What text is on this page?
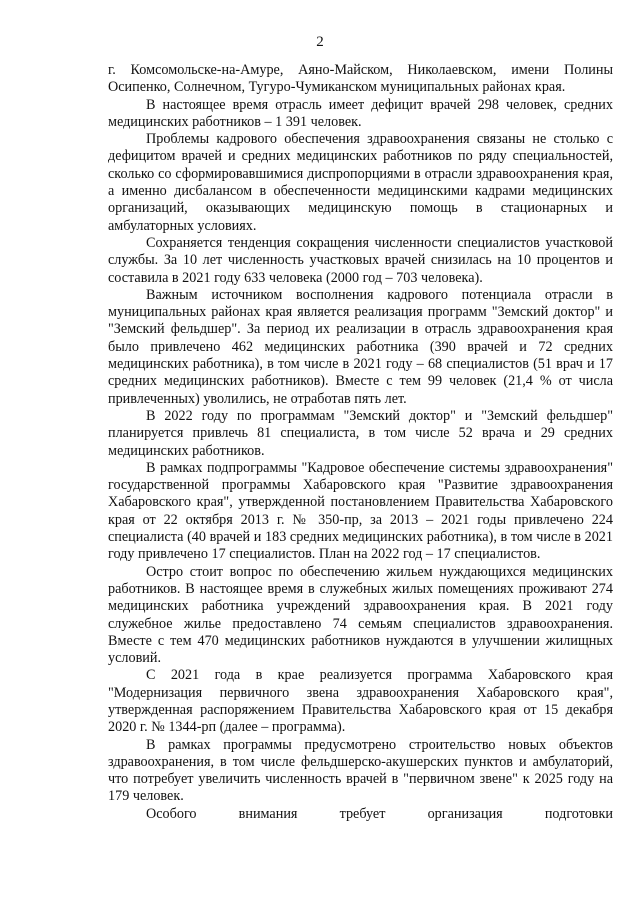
2

г. Комсомольске-на-Амуре, Аяно-Майском, Николаевском, имени Полины Осипенко, Солнечном, Тугуро-Чумиканском муниципальных районах края.

В настоящее время отрасль имеет дефицит врачей 298 человек, средних медицинских работников – 1 391 человек.

Проблемы кадрового обеспечения здравоохранения связаны не столько с дефицитом врачей и средних медицинских работников по ряду специальностей, сколько со сформировавшимися диспропорциями в отрасли здравоохранения края, а именно дисбалансом в обеспеченности медицинскими кадрами медицинских организаций, оказывающих медицинскую помощь в стационарных и амбулаторных условиях.

Сохраняется тенденция сокращения численности специалистов участковой службы. За 10 лет численность участковых врачей снизилась на 10 процентов и составила в 2021 году 633 человека (2000 год – 703 человека).

Важным источником восполнения кадрового потенциала отрасли в муниципальных районах края является реализация программ "Земский доктор" и "Земский фельдшер". За период их реализации в отрасль здравоохранения края было привлечено 462 медицинских работника (390 врачей и 72 средних медицинских работника), в том числе в 2021 году – 68 специалистов (51 врач и 17 средних медицинских работников). Вместе с тем 99 человек (21,4 % от числа привлеченных) уволились, не отработав пять лет.

В 2022 году по программам "Земский доктор" и "Земский фельдшер" планируется привлечь 81 специалиста, в том числе 52 врача и 29 средних медицинских работников.

В рамках подпрограммы "Кадровое обеспечение системы здравоохранения" государственной программы Хабаровского края "Развитие здравоохранения Хабаровского края", утвержденной постановлением Правительства Хабаровского края от 22 октября 2013 г. № 350-пр, за 2013 – 2021 годы привлечено 224 специалиста (40 врачей и 183 средних медицинских работника), в том числе в 2021 году привлечено 17 специалистов. План на 2022 год – 17 специалистов.

Остро стоит вопрос по обеспечению жильем нуждающихся медицинских работников. В настоящее время в служебных жилых помещениях проживают 274 медицинских работника учреждений здравоохранения края. В 2021 году служебное жилье предоставлено 74 семьям специалистов здравоохранения. Вместе с тем 470 медицинских работников нуждаются в улучшении жилищных условий.

С 2021 года в крае реализуется программа Хабаровского края "Модернизация первичного звена здравоохранения Хабаровского края", утвержденная распоряжением Правительства Хабаровского края от 15 декабря 2020 г. № 1344-рп (далее – программа).

В рамках программы предусмотрено строительство новых объектов здравоохранения, в том числе фельдшерско-акушерских пунктов и амбулаторий, что потребует увеличить численность врачей в "первичном звене" к 2025 году на 179 человек.

Особого внимания требует организация подготовки
